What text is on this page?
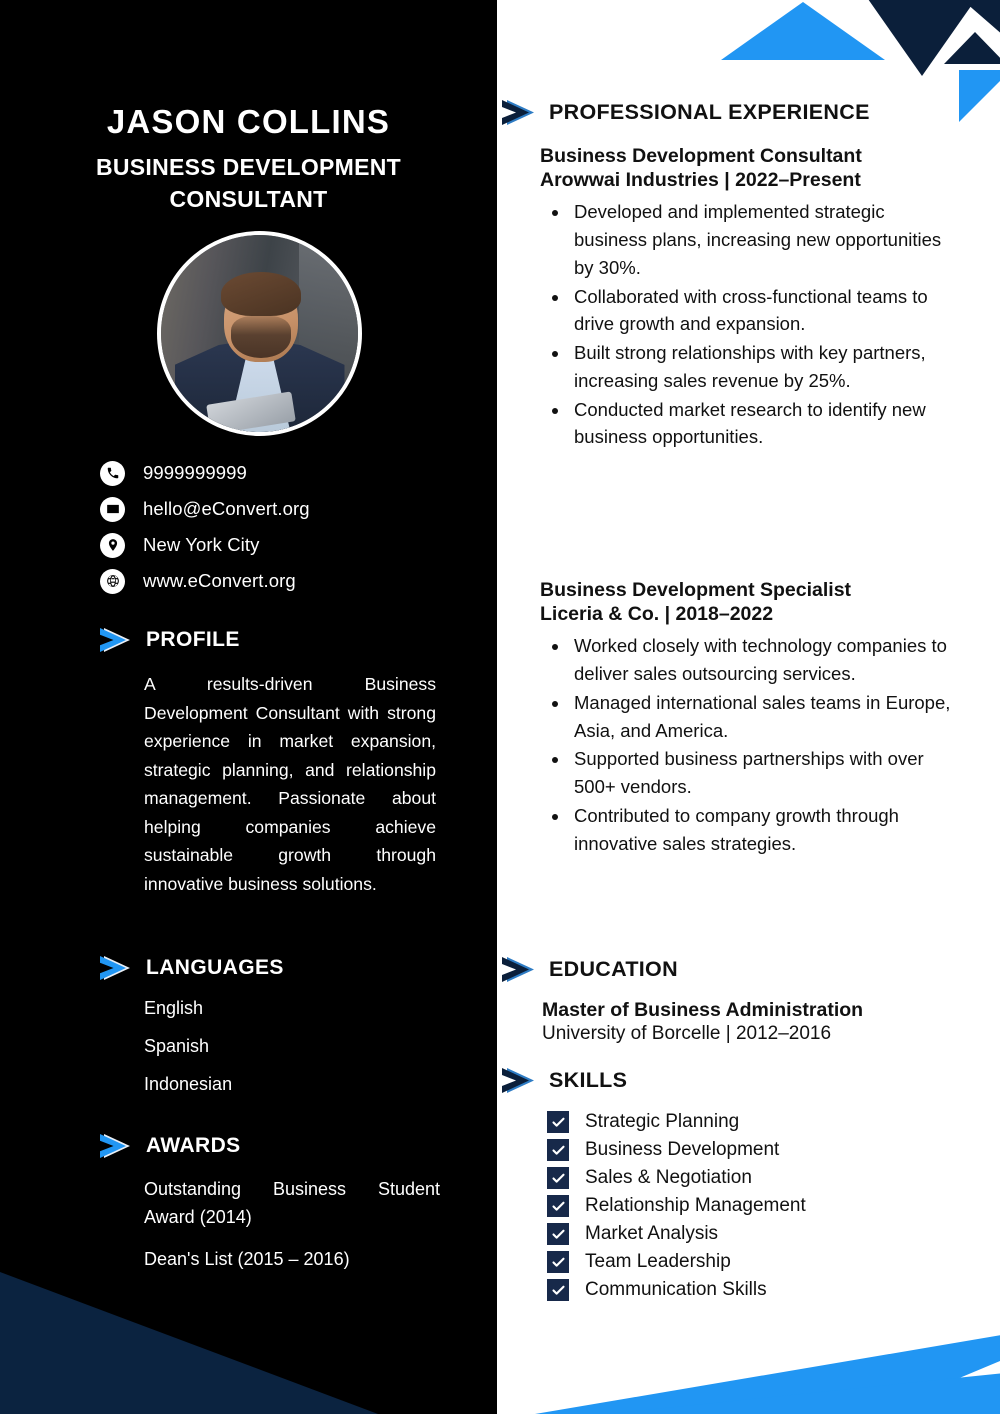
JASON COLLINS
BUSINESS DEVELOPMENT CONSULTANT
9999999999
hello@eConvert.org
New York City
www.eConvert.org
PROFILE
A results-driven Business Development Consultant with strong experience in market expansion, strategic planning, and relationship management. Passionate about helping companies achieve sustainable growth through innovative business solutions.
LANGUAGES
English
Spanish
Indonesian
AWARDS

Outstanding Business Student Award (2014)

Dean's List (2015 – 2016)

PROFESSIONAL EXPERIENCE
Business Development Consultant
Arowwai Industries | 2022–Present
• Developed and implemented strategic business plans, increasing new opportunities by 30%.
• Collaborated with cross-functional teams to drive growth and expansion.
• Built strong relationships with key partners, increasing sales revenue by 25%.
• Conducted market research to identify new business opportunities.
Business Development Specialist
Liceria & Co. | 2018–2022
• Worked closely with technology companies to deliver sales outsourcing services.
• Managed international sales teams in Europe, Asia, and America.
• Supported business partnerships with over 500+ vendors.
• Contributed to company growth through innovative sales strategies.
EDUCATION
Master of Business Administration
University of Borcelle | 2012–2016
SKILLS
Strategic Planning
Business Development
Sales & Negotiation
Relationship Management
Market Analysis
Team Leadership
Communication Skills
